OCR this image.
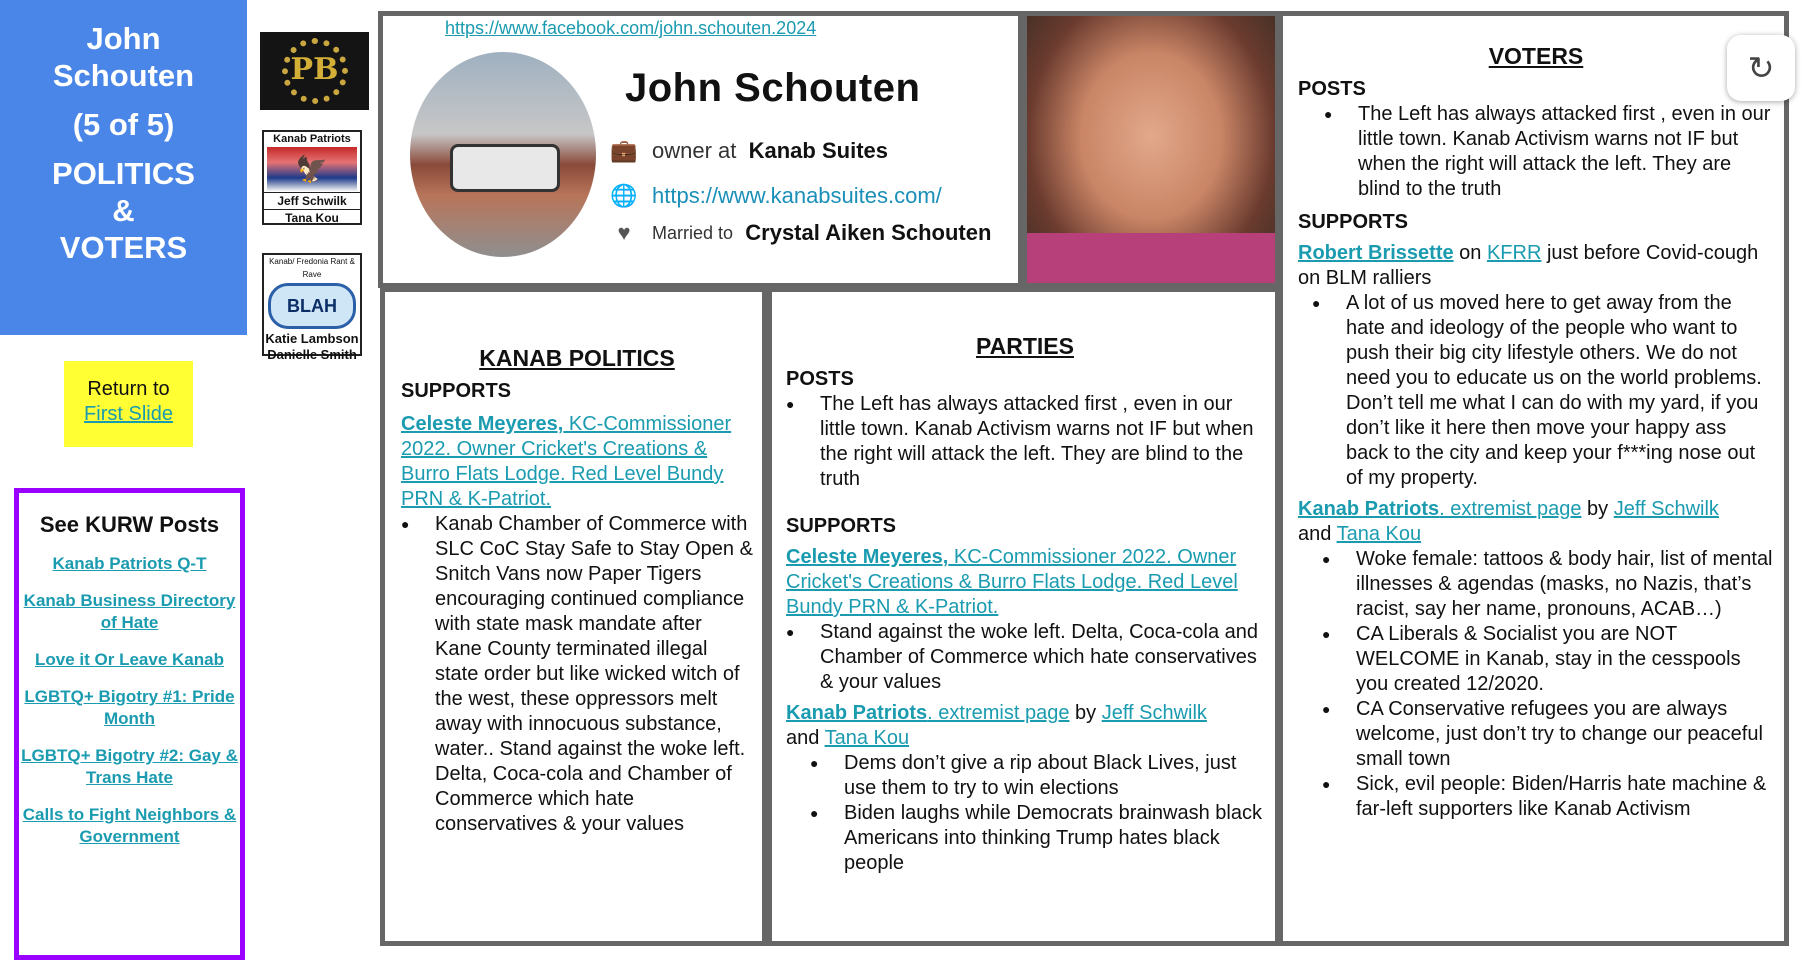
John
Schouten
(5 of 5)
POLITICS
&
VOTERS
Return to
First Slide
See KURW Posts
Kanab Patriots Q-T
Kanab Business Directory of Hate
Love it Or Leave Kanab
LGBTQ+ Bigotry #1: Pride Month
LGBTQ+ Bigotry #2: Gay & Trans Hate
Calls to Fight Neighbors & Government
PB
Kanab Patriots
🦅
Jeff Schwilk
Tana Kou
Kanab/ Fredonia Rant & Rave
BLAH
Katie Lambson
Danielle Smith
https://www.facebook.com/john.schouten.2024
John Schouten
💼 owner at
Kanab Suites
🌐 https://www.kanabsuites.com/
♥	Married to
Crystal Aiken Schouten
VOTERS
POSTS
● The Left has always attacked first , even in our little town. Kanab Activism warns not IF but when the right will attack the left. They are blind to the truth
SUPPORTS
Robert Brissette on KFRR just before Covid-cough on BLM ralliers
● A lot of us moved here to get away from the hate and ideology of the people who want to push their big city lifestyle others. We do not need you to educate us on the world problems. Don’t tell me what I can do with my yard, if you don’t like it here then move your happy ass back to the city and keep your f***ing nose out of my property.
Kanab Patriots. extremist page by Jeff Schwilk
and Tana Kou
● Woke female: tattoos & body hair, list of mental illnesses & agendas (masks, no Nazis, that’s racist, say her name, pronouns, ACAB…)
● CA Liberals & Socialist you are NOT WELCOME in Kanab, stay in the cesspools you created 12/2020.
● CA Conservative refugees you are always welcome, just don’t try to change our peaceful small town
● Sick, evil people: Biden/Harris hate machine & far-left supporters like Kanab Activism
KANAB POLITICS
SUPPORTS
Celeste Meyeres, KC-Commissioner 2022. Owner Cricket's Creations & Burro Flats Lodge. Red Level Bundy PRN & K-Patriot.
● Kanab Chamber of Commerce with SLC CoC Stay Safe to Stay Open & Snitch Vans now Paper Tigers encouraging continued compliance with state mask mandate after Kane County terminated illegal state order but like wicked witch of the west, these oppressors melt away with innocuous substance, water.. Stand against the woke left. Delta, Coca-cola and Chamber of Commerce which hate conservatives & your values
PARTIES
POSTS
● The Left has always attacked first , even in our little town. Kanab Activism warns not IF but when the right will attack the left. They are blind to the truth
SUPPORTS
Celeste Meyeres, KC-Commissioner 2022. Owner Cricket's Creations & Burro Flats Lodge. Red Level Bundy PRN & K-Patriot.
● Stand against the woke left. Delta, Coca-cola and Chamber of Commerce which hate conservatives & your values
Kanab Patriots. extremist page by Jeff Schwilk
and Tana Kou
● Dems don’t give a rip about Black Lives, just use them to try to win elections
● Biden laughs while Democrats brainwash black Americans into thinking Trump hates black people
↻
